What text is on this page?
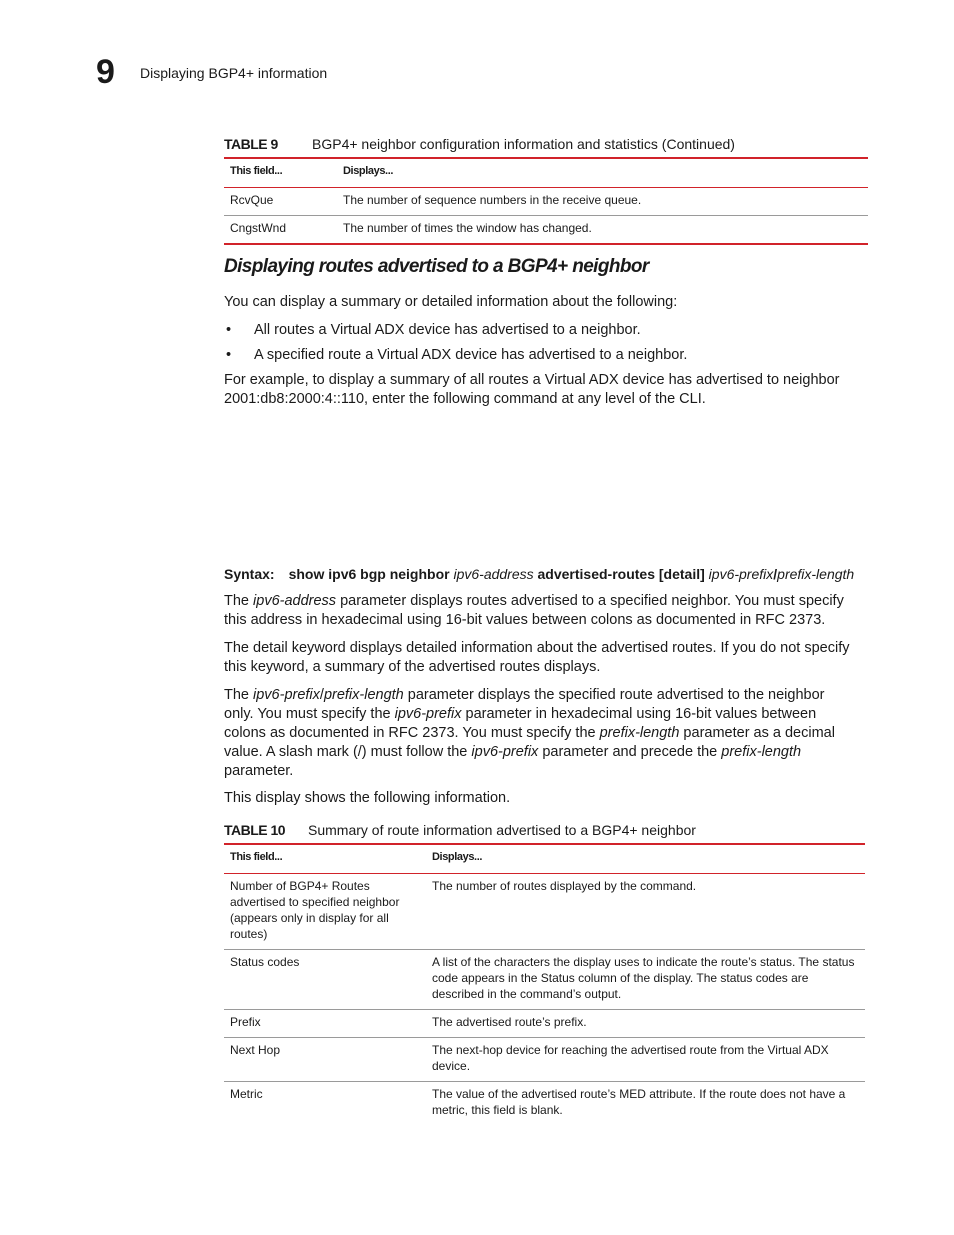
9 Displaying BGP4+ information
TABLE 9 BGP4+ neighbor configuration information and statistics (Continued)
This field...	Displays...
RcvQue	The number of sequence numbers in the receive queue.
CngstWnd	The number of times the window has changed.
Displaying routes advertised to a BGP4+ neighbor
You can display a summary or detailed information about the following:
• All routes a Virtual ADX device has advertised to a neighbor.
• A specified route a Virtual ADX device has advertised to a neighbor.
For example, to display a summary of all routes a Virtual ADX device has advertised to neighbor
2001:db8:2000:4::110, enter the following command at any level of the CLI.
Syntax: show ipv6 bgp neighbor ipv6-address advertised-routes [detail] ipv6-prefix/prefix-length
The ipv6-address parameter displays routes advertised to a specified neighbor. You must specify
this address in hexadecimal using 16-bit values between colons as documented in RFC 2373.
The detail keyword displays detailed information about the advertised routes. If you do not specify
this keyword, a summary of the advertised routes displays.
The ipv6-prefix/prefix-length parameter displays the specified route advertised to the neighbor
only. You must specify the ipv6-prefix parameter in hexadecimal using 16-bit values between
colons as documented in RFC 2373. You must specify the prefix-length parameter as a decimal
value. A slash mark (/) must follow the ipv6-prefix parameter and precede the prefix-length
parameter.
This display shows the following information.
TABLE 10 Summary of route information advertised to a BGP4+ neighbor
This field...	Displays...
Number of BGP4+ Routes advertised to specified neighbor (appears only in display for all routes)	The number of routes displayed by the command.
Status codes	A list of the characters the display uses to indicate the route’s status. The status code appears in the Status column of the display. The status codes are described in the command’s output.
Prefix	The advertised route’s prefix.
Next Hop	The next-hop device for reaching the advertised route from the Virtual ADX device.
Metric	The value of the advertised route’s MED attribute. If the route does not have a metric, this field is blank.
